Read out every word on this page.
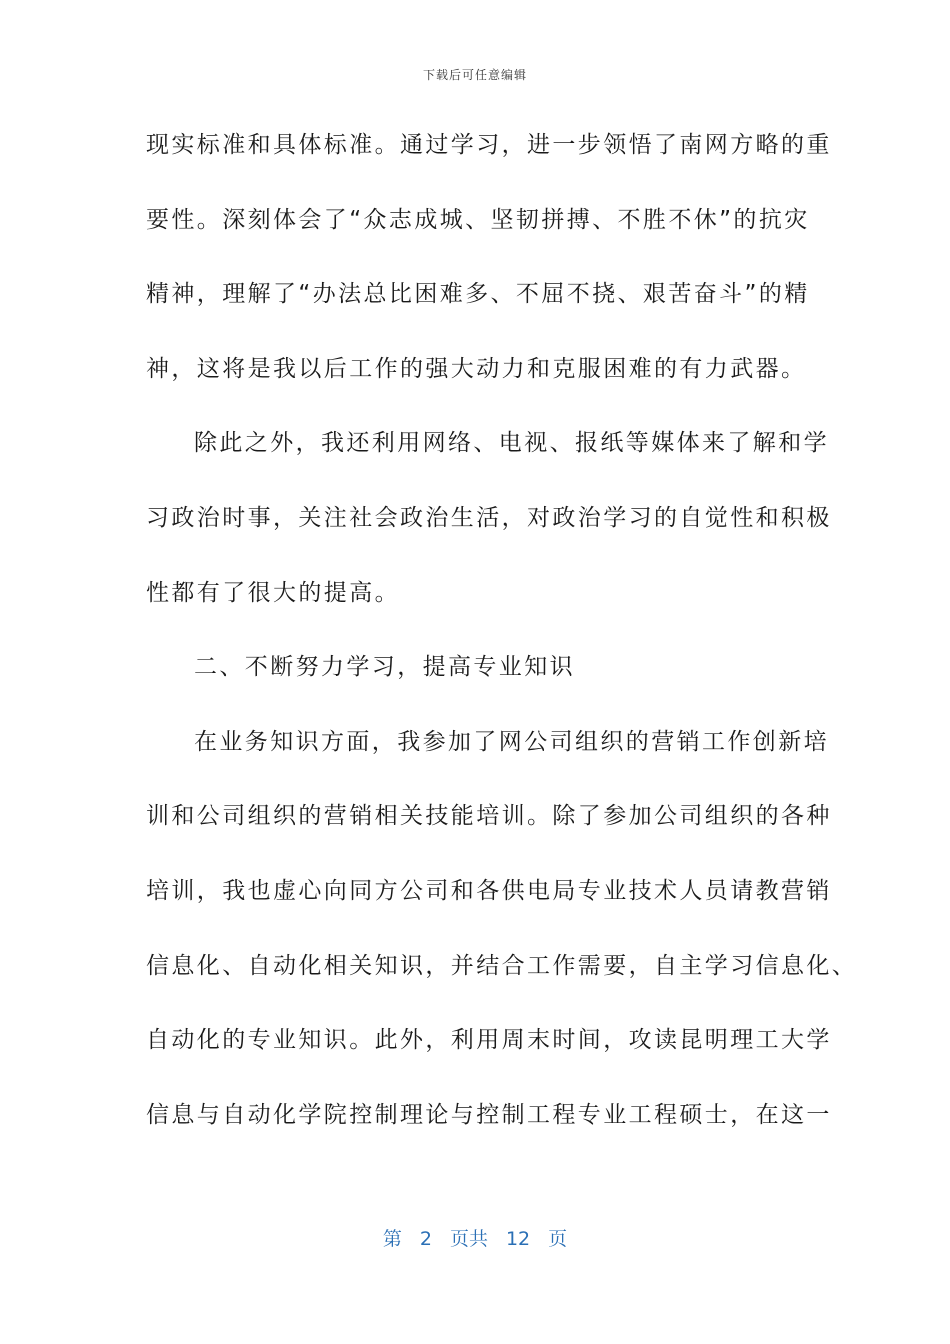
下载后可任意编辑
现实标准和具体标准。通过学习，进一步领悟了南网方略的重
要性。深刻体会了“众志成城、坚韧拼搏、不胜不休”的抗灾
精神，理解了“办法总比困难多、不屈不挠、艰苦奋斗”的精
神，这将是我以后工作的强大动力和克服困难的有力武器。
除此之外，我还利用网络、电视、报纸等媒体来了解和学
习政治时事，关注社会政治生活，对政治学习的自觉性和积极
性都有了很大的提高。
二、不断努力学习，提高专业知识
在业务知识方面，我参加了网公司组织的营销工作创新培
训和公司组织的营销相关技能培训。除了参加公司组织的各种
培训，我也虚心向同方公司和各供电局专业技术人员请教营销
信息化、自动化相关知识，并结合工作需要，自主学习信息化、
自动化的专业知识。此外，利用周末时间，攻读昆明理工大学
信息与自动化学院控制理论与控制工程专业工程硕士，在这一
第 2 页共 12 页
